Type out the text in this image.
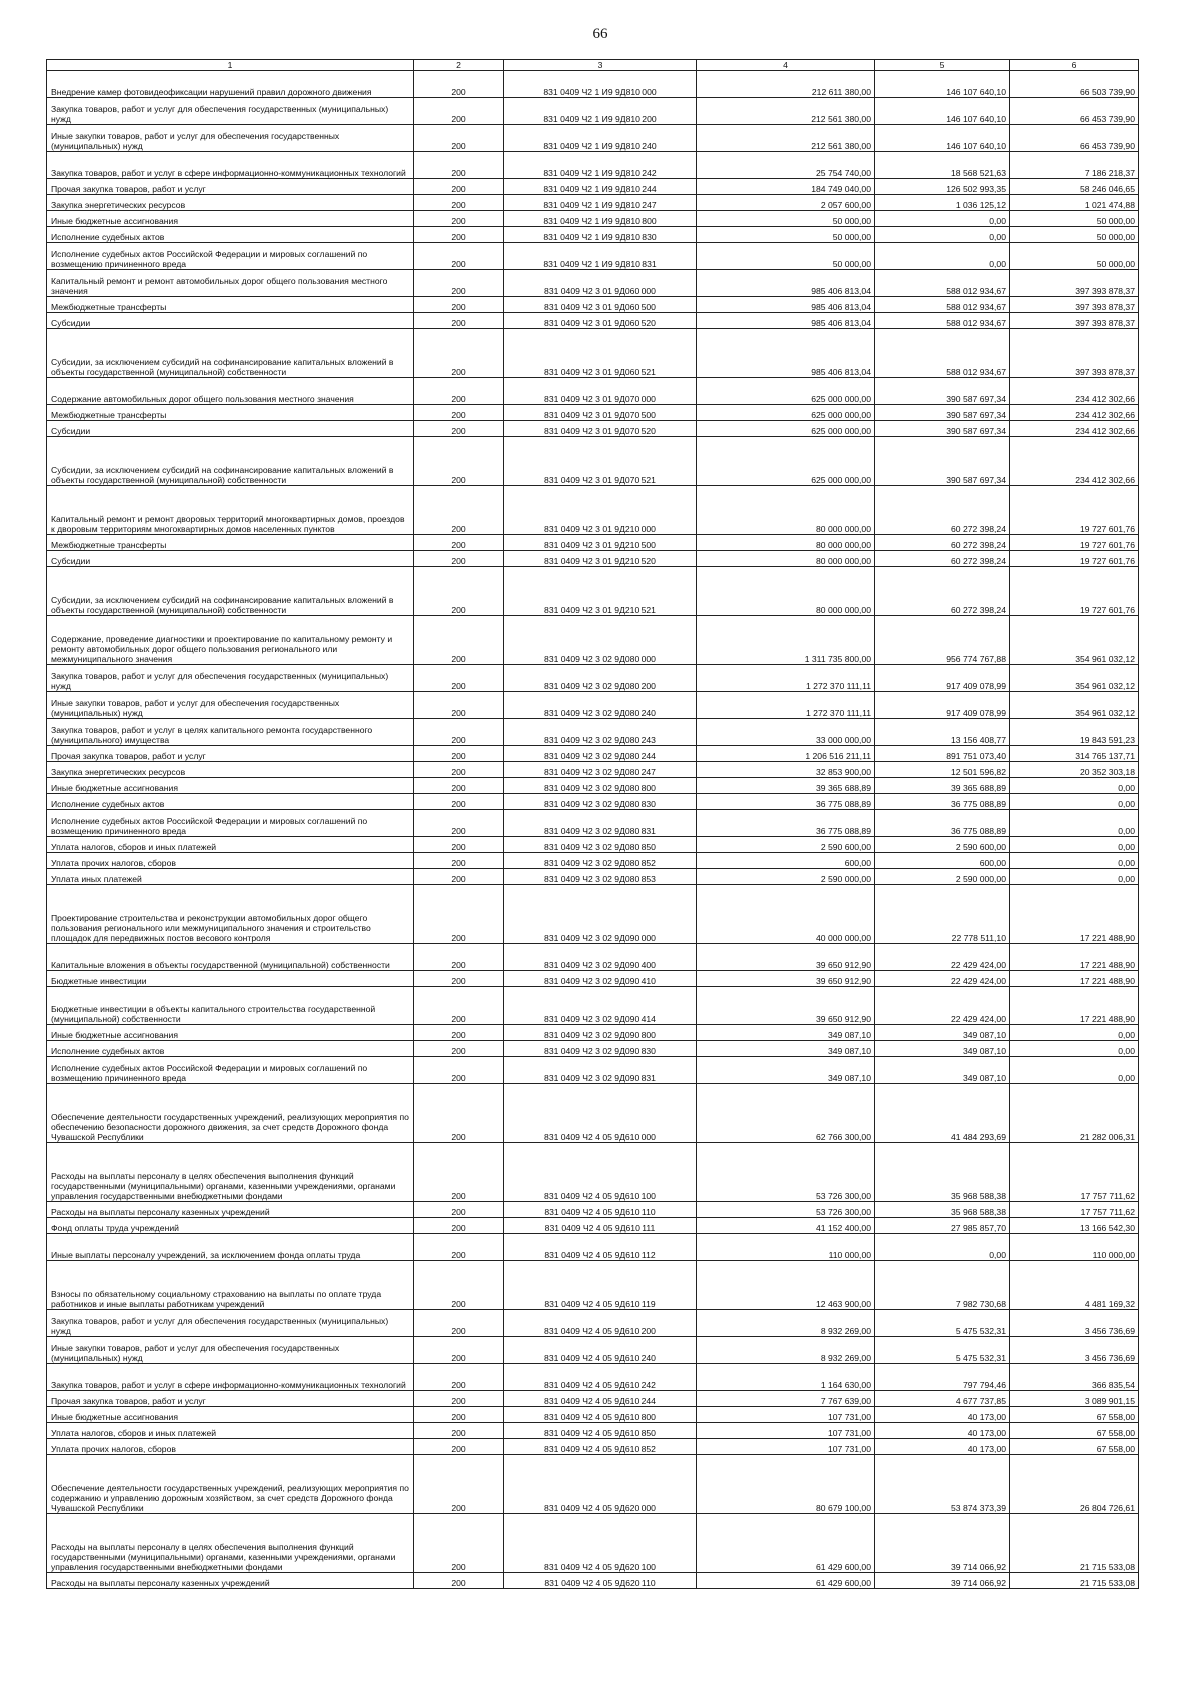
66
1	2	3	4	5	6
Внедрение камер фотовидеофиксации нарушений правил дорожного движения	200	831 0409 Ч2 1 И9 9Д810 000	212 611 380,00	146 107 640,10	66 503 739,90
Закупка товаров, работ и услуг для обеспечения государственных (муниципальных) нужд	200	831 0409 Ч2 1 И9 9Д810 200	212 561 380,00	146 107 640,10	66 453 739,90
Иные закупки товаров, работ и услуг для обеспечения государственных (муниципальных) нужд	200	831 0409 Ч2 1 И9 9Д810 240	212 561 380,00	146 107 640,10	66 453 739,90
Закупка товаров, работ и услуг в сфере информационно-коммуникационных технологий	200	831 0409 Ч2 1 И9 9Д810 242	25 754 740,00	18 568 521,63	7 186 218,37
Прочая закупка товаров, работ и услуг	200	831 0409 Ч2 1 И9 9Д810 244	184 749 040,00	126 502 993,35	58 246 046,65
Закупка энергетических ресурсов	200	831 0409 Ч2 1 И9 9Д810 247	2 057 600,00	1 036 125,12	1 021 474,88
Иные бюджетные ассигнования	200	831 0409 Ч2 1 И9 9Д810 800	50 000,00	0,00	50 000,00
Исполнение судебных актов	200	831 0409 Ч2 1 И9 9Д810 830	50 000,00	0,00	50 000,00
Исполнение судебных актов Российской Федерации и мировых соглашений по возмещению причиненного вреда	200	831 0409 Ч2 1 И9 9Д810 831	50 000,00	0,00	50 000,00
Капитальный ремонт и ремонт автомобильных дорог общего пользования местного значения	200	831 0409 Ч2 3 01 9Д060 000	985 406 813,04	588 012 934,67	397 393 878,37
Межбюджетные трансферты	200	831 0409 Ч2 3 01 9Д060 500	985 406 813,04	588 012 934,67	397 393 878,37
Субсидии	200	831 0409 Ч2 3 01 9Д060 520	985 406 813,04	588 012 934,67	397 393 878,37
Субсидии, за исключением субсидий на софинансирование капитальных вложений в объекты государственной (муниципальной) собственности	200	831 0409 Ч2 3 01 9Д060 521	985 406 813,04	588 012 934,67	397 393 878,37
Содержание автомобильных дорог общего пользования местного значения	200	831 0409 Ч2 3 01 9Д070 000	625 000 000,00	390 587 697,34	234 412 302,66
Межбюджетные трансферты	200	831 0409 Ч2 3 01 9Д070 500	625 000 000,00	390 587 697,34	234 412 302,66
Субсидии	200	831 0409 Ч2 3 01 9Д070 520	625 000 000,00	390 587 697,34	234 412 302,66
Субсидии, за исключением субсидий на софинансирование капитальных вложений в объекты государственной (муниципальной) собственности	200	831 0409 Ч2 3 01 9Д070 521	625 000 000,00	390 587 697,34	234 412 302,66
Капитальный ремонт и ремонт дворовых территорий многоквартирных домов, проездов к дворовым территориям многоквартирных домов населенных пунктов	200	831 0409 Ч2 3 01 9Д210 000	80 000 000,00	60 272 398,24	19 727 601,76
Межбюджетные трансферты	200	831 0409 Ч2 3 01 9Д210 500	80 000 000,00	60 272 398,24	19 727 601,76
Субсидии	200	831 0409 Ч2 3 01 9Д210 520	80 000 000,00	60 272 398,24	19 727 601,76
Субсидии, за исключением субсидий на софинансирование капитальных вложений в объекты государственной (муниципальной) собственности	200	831 0409 Ч2 3 01 9Д210 521	80 000 000,00	60 272 398,24	19 727 601,76
Содержание, проведение диагностики и проектирование по капитальному ремонту и ремонту автомобильных дорог общего пользования регионального или межмуниципального значения	200	831 0409 Ч2 3 02 9Д080 000	1 311 735 800,00	956 774 767,88	354 961 032,12
Закупка товаров, работ и услуг для обеспечения государственных (муниципальных) нужд	200	831 0409 Ч2 3 02 9Д080 200	1 272 370 111,11	917 409 078,99	354 961 032,12
Иные закупки товаров, работ и услуг для обеспечения государственных (муниципальных) нужд	200	831 0409 Ч2 3 02 9Д080 240	1 272 370 111,11	917 409 078,99	354 961 032,12
Закупка товаров, работ и услуг в целях капитального ремонта государственного (муниципального) имущества	200	831 0409 Ч2 3 02 9Д080 243	33 000 000,00	13 156 408,77	19 843 591,23
Прочая закупка товаров, работ и услуг	200	831 0409 Ч2 3 02 9Д080 244	1 206 516 211,11	891 751 073,40	314 765 137,71
Закупка энергетических ресурсов	200	831 0409 Ч2 3 02 9Д080 247	32 853 900,00	12 501 596,82	20 352 303,18
Иные бюджетные ассигнования	200	831 0409 Ч2 3 02 9Д080 800	39 365 688,89	39 365 688,89	0,00
Исполнение судебных актов	200	831 0409 Ч2 3 02 9Д080 830	36 775 088,89	36 775 088,89	0,00
Исполнение судебных актов Российской Федерации и мировых соглашений по возмещению причиненного вреда	200	831 0409 Ч2 3 02 9Д080 831	36 775 088,89	36 775 088,89	0,00
Уплата налогов, сборов и иных платежей	200	831 0409 Ч2 3 02 9Д080 850	2 590 600,00	2 590 600,00	0,00
Уплата прочих налогов, сборов	200	831 0409 Ч2 3 02 9Д080 852	600,00	600,00	0,00
Уплата иных платежей	200	831 0409 Ч2 3 02 9Д080 853	2 590 000,00	2 590 000,00	0,00
Проектирование строительства и реконструкции автомобильных дорог общего пользования регионального или межмуниципального значения и строительство площадок для передвижных постов весового контроля	200	831 0409 Ч2 3 02 9Д090 000	40 000 000,00	22 778 511,10	17 221 488,90
Капитальные вложения в объекты государственной (муниципальной) собственности	200	831 0409 Ч2 3 02 9Д090 400	39 650 912,90	22 429 424,00	17 221 488,90
Бюджетные инвестиции	200	831 0409 Ч2 3 02 9Д090 410	39 650 912,90	22 429 424,00	17 221 488,90
Бюджетные инвестиции в объекты капитального строительства государственной (муниципальной) собственности	200	831 0409 Ч2 3 02 9Д090 414	39 650 912,90	22 429 424,00	17 221 488,90
Иные бюджетные ассигнования	200	831 0409 Ч2 3 02 9Д090 800	349 087,10	349 087,10	0,00
Исполнение судебных актов	200	831 0409 Ч2 3 02 9Д090 830	349 087,10	349 087,10	0,00
Исполнение судебных актов Российской Федерации и мировых соглашений по возмещению причиненного вреда	200	831 0409 Ч2 3 02 9Д090 831	349 087,10	349 087,10	0,00
Обеспечение деятельности государственных учреждений, реализующих мероприятия по обеспечению безопасности дорожного движения, за счет средств Дорожного фонда Чувашской Республики	200	831 0409 Ч2 4 05 9Д610 000	62 766 300,00	41 484 293,69	21 282 006,31
Расходы на выплаты персоналу в целях обеспечения выполнения функций государственными (муниципальными) органами, казенными учреждениями, органами управления государственными внебюджетными фондами	200	831 0409 Ч2 4 05 9Д610 100	53 726 300,00	35 968 588,38	17 757 711,62
Расходы на выплаты персоналу казенных учреждений	200	831 0409 Ч2 4 05 9Д610 110	53 726 300,00	35 968 588,38	17 757 711,62
Фонд оплаты труда учреждений	200	831 0409 Ч2 4 05 9Д610 111	41 152 400,00	27 985 857,70	13 166 542,30
Иные выплаты персоналу учреждений, за исключением фонда оплаты труда	200	831 0409 Ч2 4 05 9Д610 112	110 000,00	0,00	110 000,00
Взносы по обязательному социальному страхованию на выплаты по оплате труда работников и иные выплаты работникам учреждений	200	831 0409 Ч2 4 05 9Д610 119	12 463 900,00	7 982 730,68	4 481 169,32
Закупка товаров, работ и услуг для обеспечения государственных (муниципальных) нужд	200	831 0409 Ч2 4 05 9Д610 200	8 932 269,00	5 475 532,31	3 456 736,69
Иные закупки товаров, работ и услуг для обеспечения государственных (муниципальных) нужд	200	831 0409 Ч2 4 05 9Д610 240	8 932 269,00	5 475 532,31	3 456 736,69
Закупка товаров, работ и услуг в сфере информационно-коммуникационных технологий	200	831 0409 Ч2 4 05 9Д610 242	1 164 630,00	797 794,46	366 835,54
Прочая закупка товаров, работ и услуг	200	831 0409 Ч2 4 05 9Д610 244	7 767 639,00	4 677 737,85	3 089 901,15
Иные бюджетные ассигнования	200	831 0409 Ч2 4 05 9Д610 800	107 731,00	40 173,00	67 558,00
Уплата налогов, сборов и иных платежей	200	831 0409 Ч2 4 05 9Д610 850	107 731,00	40 173,00	67 558,00
Уплата прочих налогов, сборов	200	831 0409 Ч2 4 05 9Д610 852	107 731,00	40 173,00	67 558,00
Обеспечение деятельности государственных учреждений, реализующих мероприятия по содержанию и управлению дорожным хозяйством, за счет средств Дорожного фонда Чувашской Республики	200	831 0409 Ч2 4 05 9Д620 000	80 679 100,00	53 874 373,39	26 804 726,61
Расходы на выплаты персоналу в целях обеспечения выполнения функций государственными (муниципальными) органами, казенными учреждениями, органами управления государственными внебюджетными фондами	200	831 0409 Ч2 4 05 9Д620 100	61 429 600,00	39 714 066,92	21 715 533,08
Расходы на выплаты персоналу казенных учреждений	200	831 0409 Ч2 4 05 9Д620 110	61 429 600,00	39 714 066,92	21 715 533,08
